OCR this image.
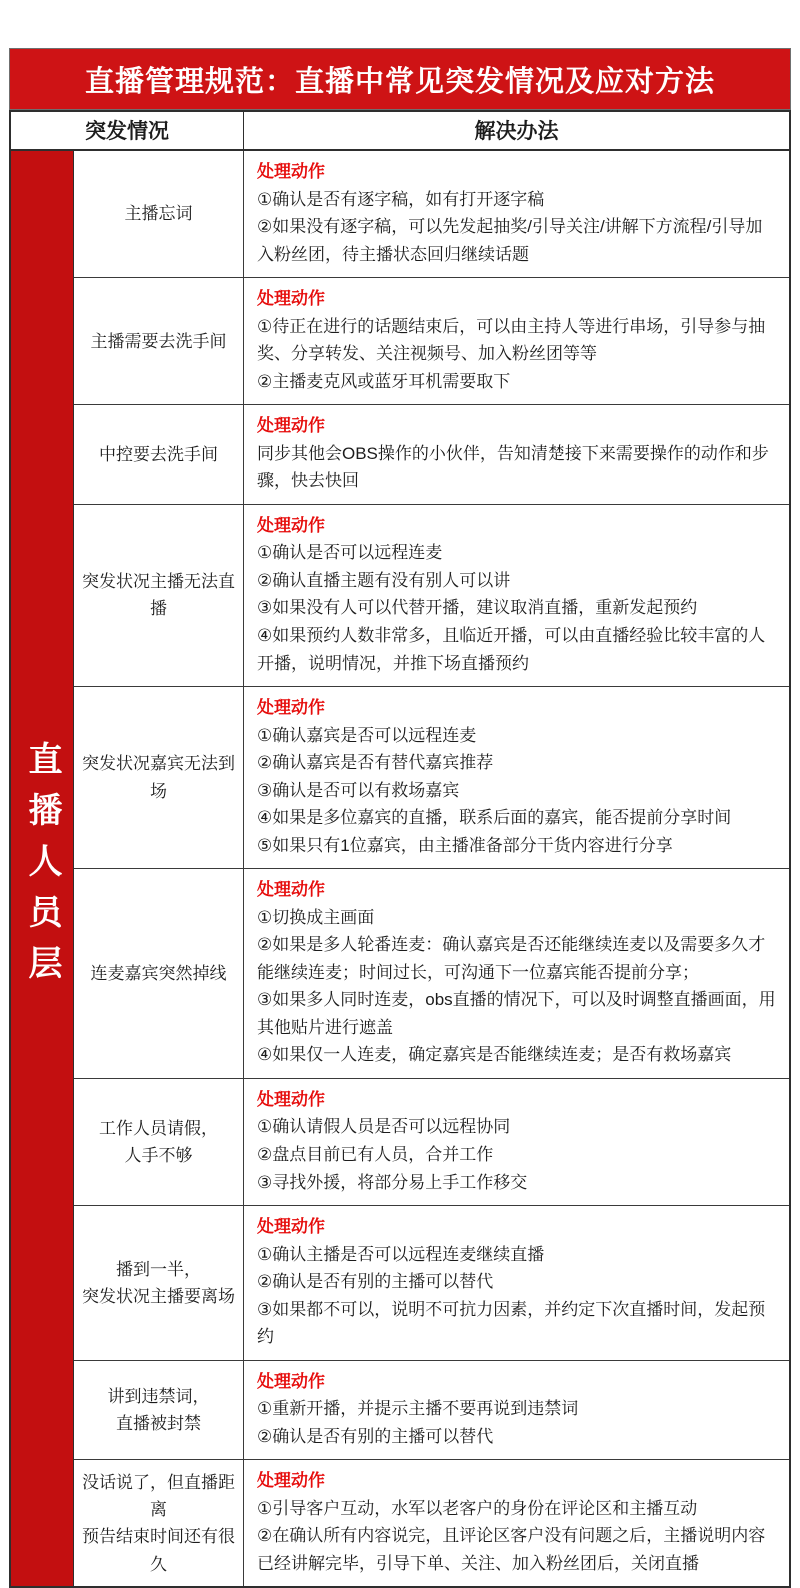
直播管理规范：直播中常见突发情况及应对方法
突发情况	解决办法
直播人员层
主播忘词
处理动作
①确认是否有逐字稿，如有打开逐字稿
②如果没有逐字稿，可以先发起抽奖/引导关注/讲解下方流程/引导加入粉丝团，待主播状态回归继续话题
主播需要去洗手间
处理动作
①待正在进行的话题结束后，可以由主持人等进行串场，引导参与抽奖、分享转发、关注视频号、加入粉丝团等等
②主播麦克风或蓝牙耳机需要取下
中控要去洗手间
处理动作
同步其他会OBS操作的小伙伴，告知清楚接下来需要操作的动作和步骤，快去快回
突发状况主播无法直播
处理动作
①确认是否可以远程连麦
②确认直播主题有没有别人可以讲
③如果没有人可以代替开播，建议取消直播，重新发起预约
④如果预约人数非常多，且临近开播，可以由直播经验比较丰富的人开播，说明情况，并推下场直播预约
突发状况嘉宾无法到场
处理动作
①确认嘉宾是否可以远程连麦
②确认嘉宾是否有替代嘉宾推荐
③确认是否可以有救场嘉宾
④如果是多位嘉宾的直播，联系后面的嘉宾，能否提前分享时间
⑤如果只有1位嘉宾，由主播准备部分干货内容进行分享
连麦嘉宾突然掉线
处理动作
①切换成主画面
②如果是多人轮番连麦：确认嘉宾是否还能继续连麦以及需要多久才能继续连麦；时间过长，可沟通下一位嘉宾能否提前分享；
③如果多人同时连麦，obs直播的情况下，可以及时调整直播画面，用其他贴片进行遮盖
④如果仅一人连麦，确定嘉宾是否能继续连麦；是否有救场嘉宾
工作人员请假，
人手不够
处理动作
①确认请假人员是否可以远程协同
②盘点目前已有人员，合并工作
③寻找外援，将部分易上手工作移交
播到一半，
突发状况主播要离场
处理动作
①确认主播是否可以远程连麦继续直播
②确认是否有别的主播可以替代
③如果都不可以，说明不可抗力因素，并约定下次直播时间，发起预约
讲到违禁词，
直播被封禁
处理动作
①重新开播，并提示主播不要再说到违禁词
②确认是否有别的主播可以替代
没话说了，但直播距离
预告结束时间还有很久
处理动作
①引导客户互动，水军以老客户的身份在评论区和主播互动
②在确认所有内容说完，且评论区客户没有问题之后，主播说明内容已经讲解完毕，引导下单、关注、加入粉丝团后，关闭直播
